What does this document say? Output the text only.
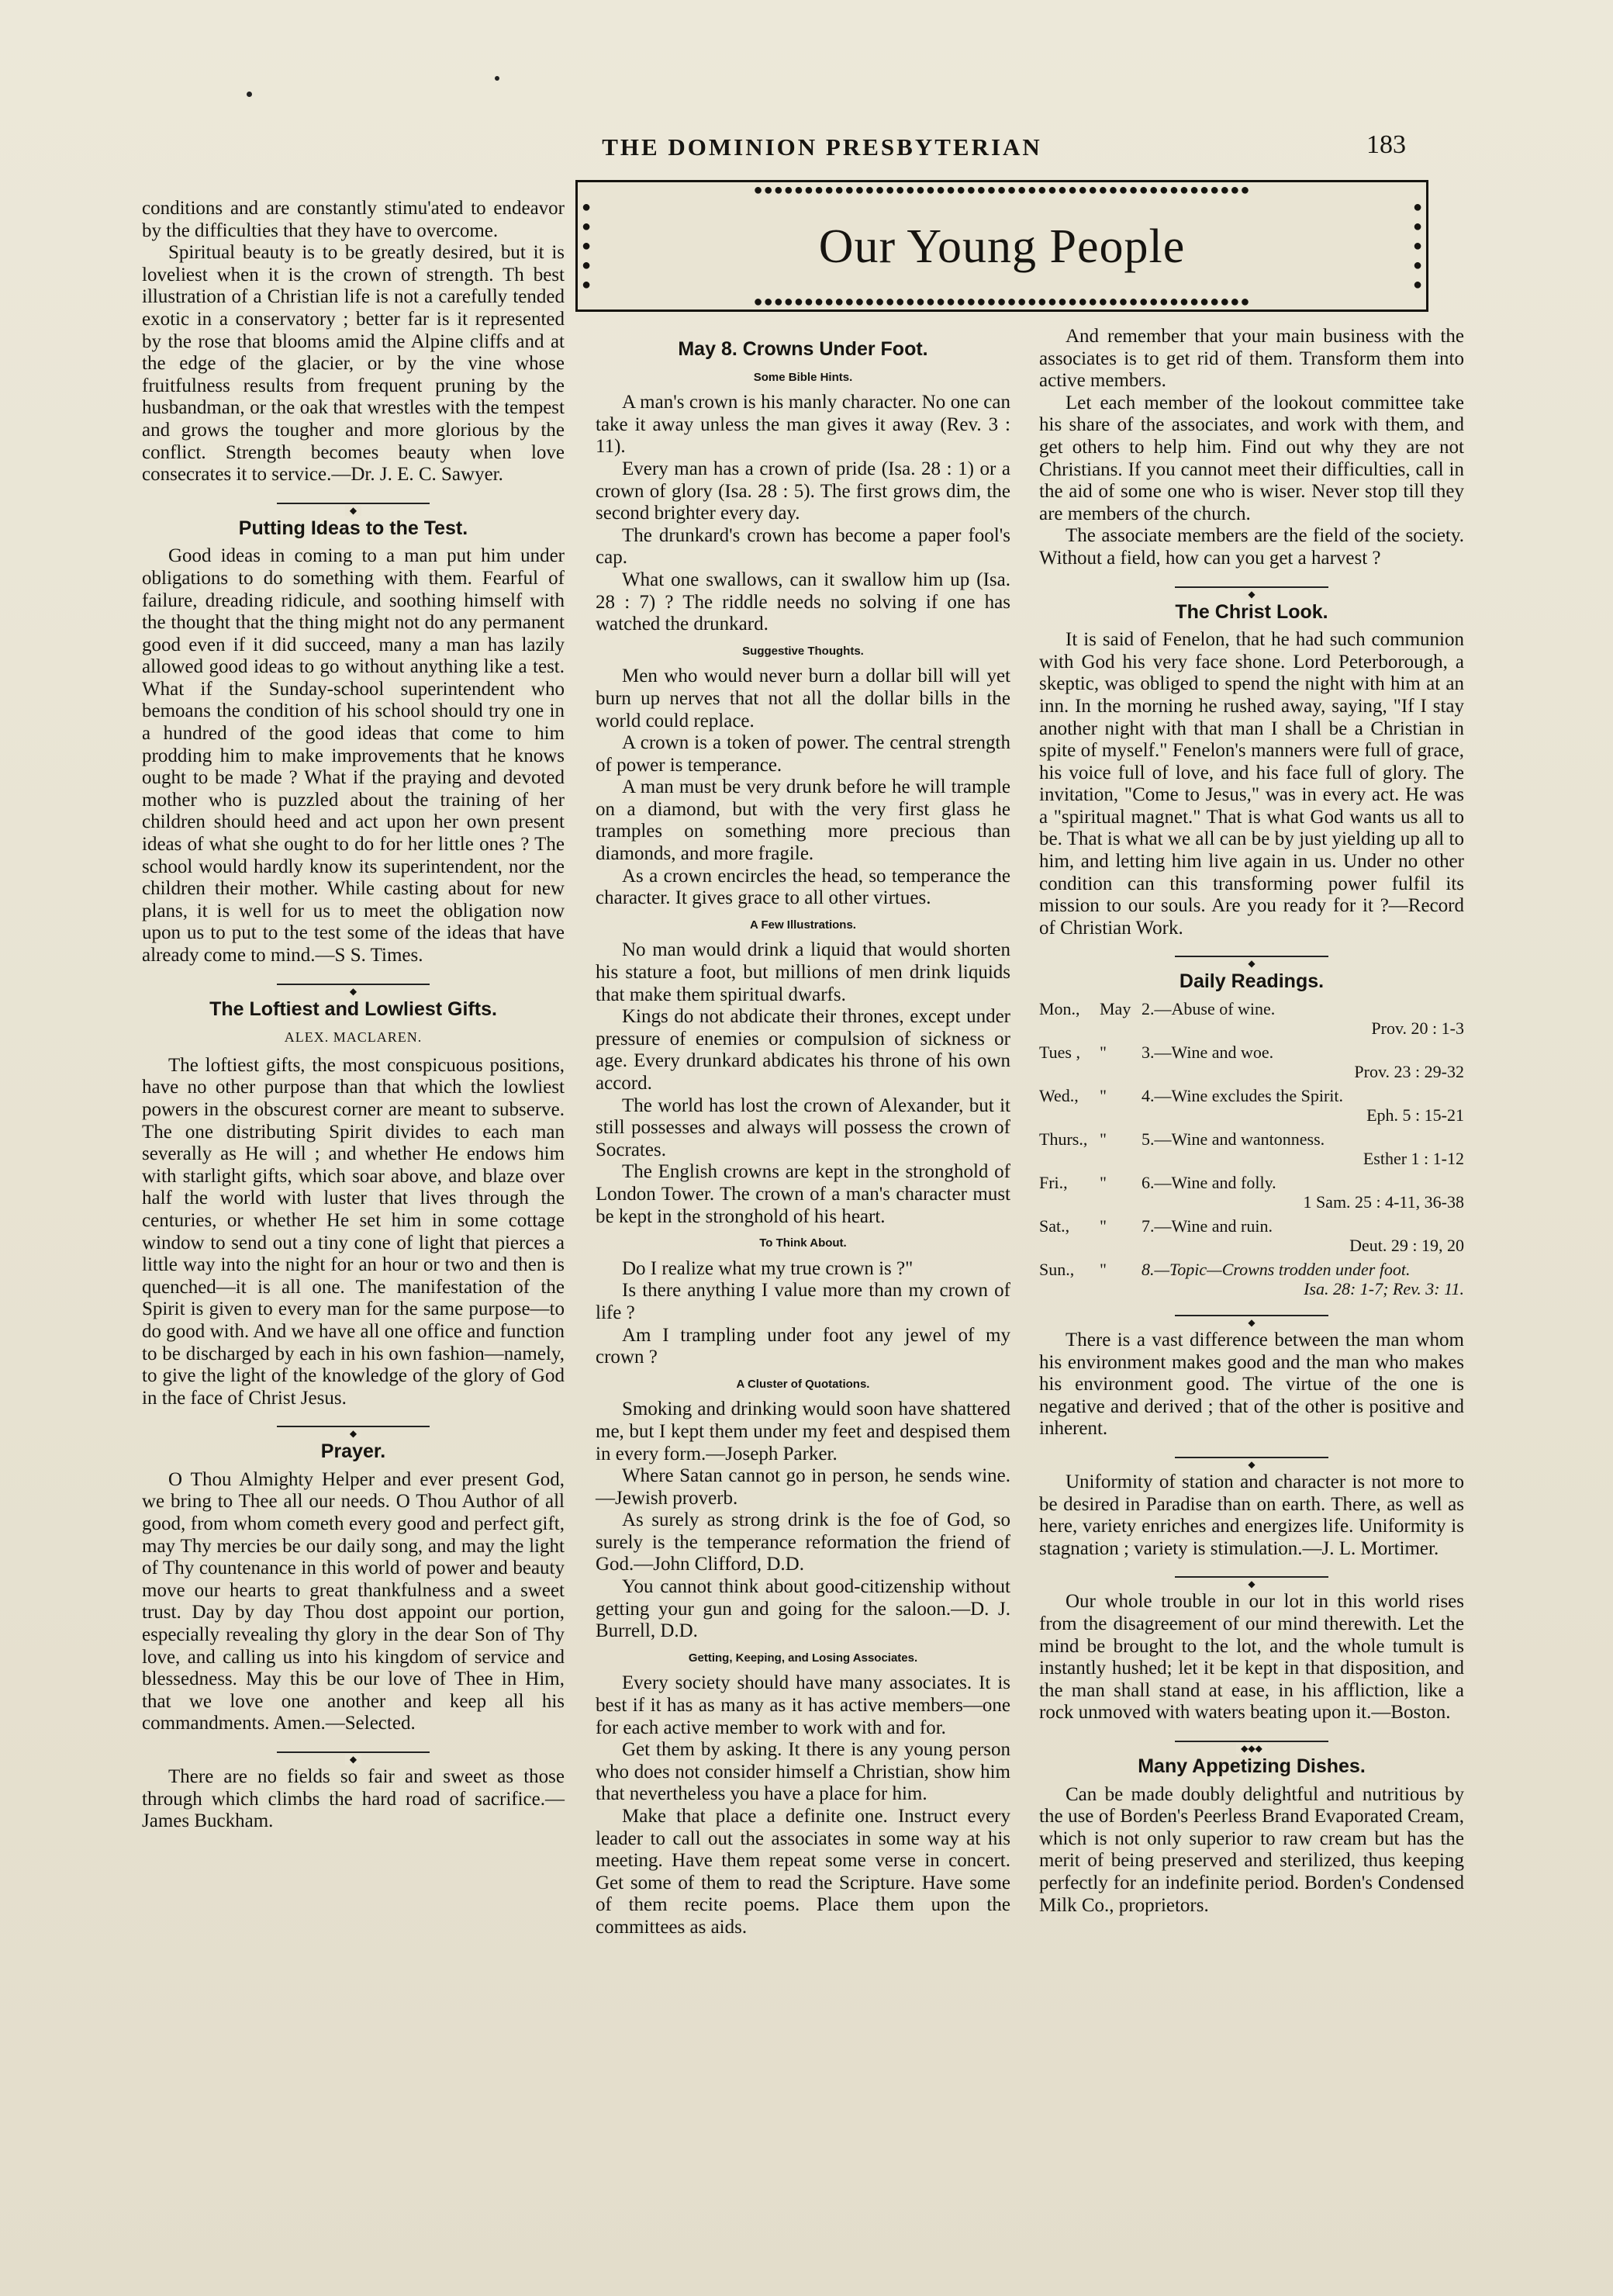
THE DOMINION PRESBYTERIAN	183
●●●●●●●●●●●●●●●●●●●●●●●●●●●●●●●●●●●●●●●●●●●●●●●●●
●
●
●
●
●
●
●
●
●
●
Our Young People
●●●●●●●●●●●●●●●●●●●●●●●●●●●●●●●●●●●●●●●●●●●●●●●●●

conditions and are constantly stimu'ated to endeavor by the difficulties that they have to overcome.

Spiritual beauty is to be greatly desired, but it is loveliest when it is the crown of strength. Th best illustration of a Christian life is not a carefully tended exotic in a conservatory ; better far is it represented by the rose that blooms amid the Alpine cliffs and at the edge of the glacier, or by the vine whose fruitfulness results from frequent pruning by the husbandman, or the oak that wrestles with the tempest and grows the tougher and more glorious by the conflict. Strength becomes beauty when love consecrates it to service.—Dr. J. E. C. Sawyer.

◆
Putting Ideas to the Test.

Good ideas in coming to a man put him under obligations to do something with them. Fearful of failure, dreading ridicule, and soothing himself with the thought that the thing might not do any permanent good even if it did succeed, many a man has lazily allowed good ideas to go without anything like a test. What if the Sunday-school superintendent who bemoans the condition of his school should try one in a hundred of the good ideas that come to him prodding him to make improvements that he knows ought to be made ? What if the praying and devoted mother who is puzzled about the training of her children should heed and act upon her own present ideas of what she ought to do for her little ones ? The school would hardly know its superintendent, nor the children their mother. While casting about for new plans, it is well for us to meet the obligation now upon us to put to the test some of the ideas that have already come to mind.—S S. Times.

◆
The Loftiest and Lowliest Gifts.
ALEX. MACLAREN.

The loftiest gifts, the most conspicuous positions, have no other purpose than that which the lowliest powers in the obscurest corner are meant to subserve. The one distributing Spirit divides to each man severally as He will ; and whether He endows him with starlight gifts, which soar above, and blaze over half the world with luster that lives through the centuries, or whether He set him in some cottage window to send out a tiny cone of light that pierces a little way into the night for an hour or two and then is quenched—it is all one. The manifestation of the Spirit is given to every man for the same purpose—to do good with. And we have all one office and function to be discharged by each in his own fashion—namely, to give the light of the knowledge of the glory of God in the face of Christ Jesus.

◆
Prayer.

O Thou Almighty Helper and ever present God, we bring to Thee all our needs. O Thou Author of all good, from whom cometh every good and perfect gift, may Thy mercies be our daily song, and may the light of Thy countenance in this world of power and beauty move our hearts to great thankfulness and a sweet trust. Day by day Thou dost appoint our portion, especially revealing thy glory in the dear Son of Thy love, and calling us into his kingdom of service and blessedness. May this be our love of Thee in Him, that we love one another and keep all his commandments. Amen.—Selected.

◆

There are no fields so fair and sweet as those through which climbs the hard road of sacrifice.—James Buckham.

May 8. Crowns Under Foot.
Some Bible Hints.

A man's crown is his manly character. No one can take it away unless the man gives it away (Rev. 3 : 11).

Every man has a crown of pride (Isa. 28 : 1) or a crown of glory (Isa. 28 : 5). The first grows dim, the second brighter every day.

The drunkard's crown has become a paper fool's cap.

What one swallows, can it swallow him up (Isa. 28 : 7) ? The riddle needs no solving if one has watched the drunkard.

Suggestive Thoughts.

Men who would never burn a dollar bill will yet burn up nerves that not all the dollar bills in the world could replace.

A crown is a token of power. The central strength of power is temperance.

A man must be very drunk before he will trample on a diamond, but with the very first glass he tramples on something more precious than diamonds, and more fragile.

As a crown encircles the head, so temperance the character. It gives grace to all other virtues.

A Few Illustrations.

No man would drink a liquid that would shorten his stature a foot, but millions of men drink liquids that make them spiritual dwarfs.

Kings do not abdicate their thrones, except under pressure of enemies or compulsion of sickness or age. Every drunkard abdicates his throne of his own accord.

The world has lost the crown of Alexander, but it still possesses and always will possess the crown of Socrates.

The English crowns are kept in the stronghold of London Tower. The crown of a man's character must be kept in the stronghold of his heart.

To Think About.

Do I realize what my true crown is ?"

Is there anything I value more than my crown of life ?

Am I trampling under foot any jewel of my crown ?

A Cluster of Quotations.

Smoking and drinking would soon have shattered me, but I kept them under my feet and despised them in every form.—Joseph Parker.

Where Satan cannot go in person, he sends wine.—Jewish proverb.

As surely as strong drink is the foe of God, so surely is the temperance reformation the friend of God.—John Clifford, D.D.

You cannot think about good-citizenship without getting your gun and going for the saloon.—D. J. Burrell, D.D.

Getting, Keeping, and Losing Associates.

Every society should have many associates. It is best if it has as many as it has active members—one for each active member to work with and for.

Get them by asking. It there is any young person who does not consider himself a Christian, show him that nevertheless you have a place for him.

Make that place a definite one. Instruct every leader to call out the associates in some way at his meeting. Have them repeat some verse in concert. Get some of them to read the Scripture. Have some of them recite poems. Place them upon the committees as aids.

And remember that your main business with the associates is to get rid of them. Transform them into active members.

Let each member of the lookout committee take his share of the associates, and work with them, and get others to help him. Find out why they are not Christians. If you cannot meet their difficulties, call in the aid of some one who is wiser. Never stop till they are members of the church.

The associate members are the field of the society. Without a field, how can you get a harvest ?

◆
The Christ Look.

It is said of Fenelon, that he had such communion with God his very face shone. Lord Peterborough, a skeptic, was obliged to spend the night with him at an inn. In the morning he rushed away, saying, "If I stay another night with that man I shall be a Christian in spite of myself." Fenelon's manners were full of grace, his voice full of love, and his face full of glory. The invitation, "Come to Jesus," was in every act. He was a "spiritual magnet." That is what God wants us all to be. That is what we all can be by just yielding up all to him, and letting him live again in us. Under no other condition can this transforming power fulfil its mission to our souls. Are you ready for it ?—Record of Christian Work.

◆
Daily Readings.
Mon., May 2.—Abuse of wine.
Prov. 20 : 1-3
Tues , " 3.—Wine and woe.
Prov. 23 : 29-32
Wed., " 4.—Wine excludes the Spirit.
Eph. 5 : 15-21
Thurs., " 5.—Wine and wantonness.
Esther 1 : 1-12
Fri., " 6.—Wine and folly.
1 Sam. 25 : 4-11, 36-38
Sat., " 7.—Wine and ruin.
Deut. 29 : 19, 20
Sun., " 8.—Topic—Crowns trodden under foot.
Isa. 28: 1-7; Rev. 3: 11.
◆

There is a vast difference between the man whom his environment makes good and the man who makes his environment good. The virtue of the one is negative and derived ; that of the other is positive and inherent.

◆

Uniformity of station and character is not more to be desired in Paradise than on earth. There, as well as here, variety enriches and energizes life. Uniformity is stagnation ; variety is stimulation.—J. L. Mortimer.

◆

Our whole trouble in our lot in this world rises from the disagreement of our mind therewith. Let the mind be brought to the lot, and the whole tumult is instantly hushed; let it be kept in that disposition, and the man shall stand at ease, in his affliction, like a rock unmoved with waters beating upon it.—Boston.

◆◆◆
Many Appetizing Dishes.

Can be made doubly delightful and nutritious by the use of Borden's Peerless Brand Evaporated Cream, which is not only superior to raw cream but has the merit of being preserved and sterilized, thus keeping perfectly for an indefinite period. Borden's Condensed Milk Co., proprietors.
